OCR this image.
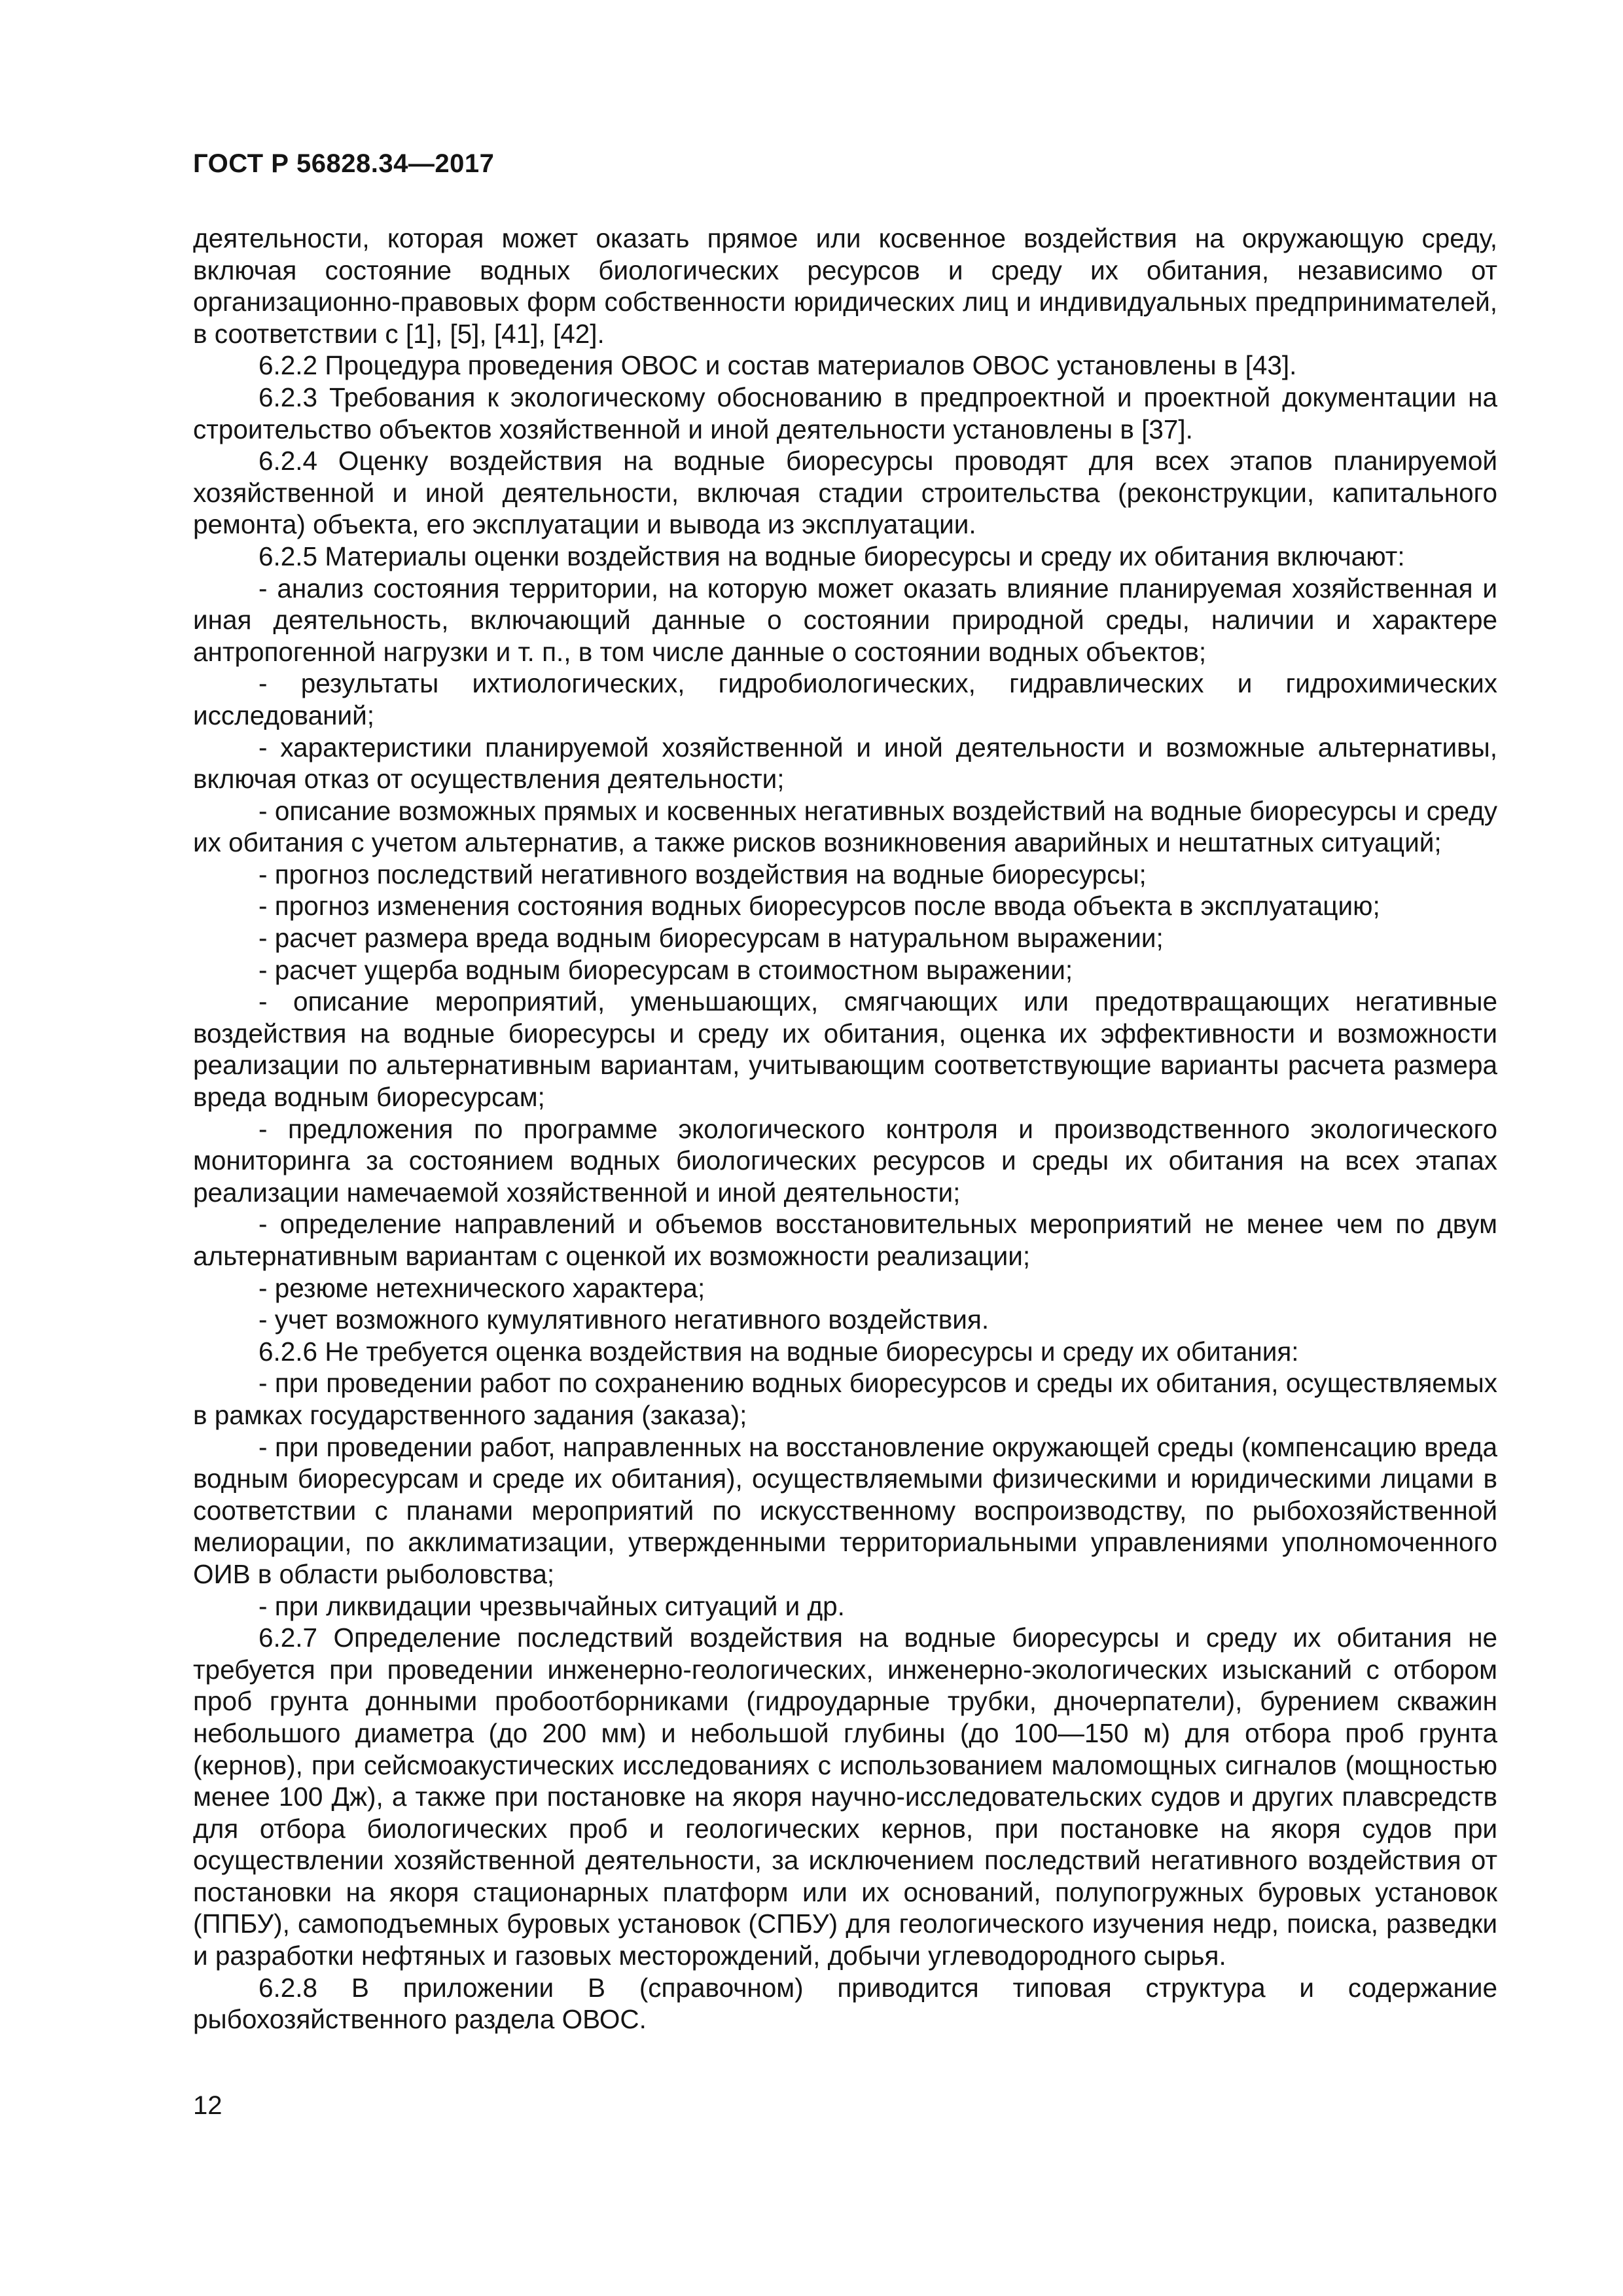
ГОСТ Р 56828.34—2017

деятельности, которая может оказать прямое или косвенное воздействия на окружающую среду, включая состояние водных биологических ресурсов и среду их обитания, независимо от организационно-правовых форм собственности юридических лиц и индивидуальных предпринимателей, в соответствии с [1], [5], [41], [42].

6.2.2 Процедура проведения ОВОС и состав материалов ОВОС установлены в [43].

6.2.3 Требования к экологическому обоснованию в предпроектной и проектной документации на строительство объектов хозяйственной и иной деятельности установлены в [37].

6.2.4 Оценку воздействия на водные биоресурсы проводят для всех этапов планируемой хозяйственной и иной деятельности, включая стадии строительства (реконструкции, капитального ремонта) объекта, его эксплуатации и вывода из эксплуатации.

6.2.5 Материалы оценки воздействия на водные биоресурсы и среду их обитания включают:

- анализ состояния территории, на которую может оказать влияние планируемая хозяйственная и иная деятельность, включающий данные о состоянии природной среды, наличии и характере антропогенной нагрузки и т. п., в том числе данные о состоянии водных объектов;

- результаты ихтиологических, гидробиологических, гидравлических и гидрохимических исследований;

- характеристики планируемой хозяйственной и иной деятельности и возможные альтернативы, включая отказ от осуществления деятельности;

- описание возможных прямых и косвенных негативных воздействий на водные биоресурсы и среду их обитания с учетом альтернатив, а также рисков возникновения аварийных и нештатных ситуаций;

- прогноз последствий негативного воздействия на водные биоресурсы;

- прогноз изменения состояния водных биоресурсов после ввода объекта в эксплуатацию;

- расчет размера вреда водным биоресурсам в натуральном выражении;

- расчет ущерба водным биоресурсам в стоимостном выражении;

- описание мероприятий, уменьшающих, смягчающих или предотвращающих негативные воздействия на водные биоресурсы и среду их обитания, оценка их эффективности и возможности реализации по альтернативным вариантам, учитывающим соответствующие варианты расчета размера вреда водным биоресурсам;

- предложения по программе экологического контроля и производственного экологического мониторинга за состоянием водных биологических ресурсов и среды их обитания на всех этапах реализации намечаемой хозяйственной и иной деятельности;

- определение направлений и объемов восстановительных мероприятий не менее чем по двум альтернативным вариантам с оценкой их возможности реализации;

- резюме нетехнического характера;

- учет возможного кумулятивного негативного воздействия.

6.2.6 Не требуется оценка воздействия на водные биоресурсы и среду их обитания:

- при проведении работ по сохранению водных биоресурсов и среды их обитания, осуществляемых в рамках государственного задания (заказа);

- при проведении работ, направленных на восстановление окружающей среды (компенсацию вреда водным биоресурсам и среде их обитания), осуществляемыми физическими и юридическими лицами в соответствии с планами мероприятий по искусственному воспроизводству, по рыбохозяйственной мелиорации, по акклиматизации, утвержденными территориальными управлениями уполномоченного ОИВ в области рыболовства;

- при ликвидации чрезвычайных ситуаций и др.

6.2.7 Определение последствий воздействия на водные биоресурсы и среду их обитания не требуется при проведении инженерно-геологических, инженерно-экологических изысканий с отбором проб грунта донными пробоотборниками (гидроударные трубки, дночерпатели), бурением скважин небольшого диаметра (до 200 мм) и небольшой глубины (до 100—150 м) для отбора проб грунта (кернов), при сейсмоакустических исследованиях с использованием маломощных сигналов (мощностью менее 100 Дж), а также при постановке на якоря научно-исследовательских судов и других плавсредств для отбора биологических проб и геологических кернов, при постановке на якоря судов при осуществлении хозяйственной деятельности, за исключением последствий негативного воздействия от постановки на якоря стационарных платформ или их оснований, полупогружных буровых установок (ППБУ), самоподъемных буровых установок (СПБУ) для геологического изучения недр, поиска, разведки и разработки нефтяных и газовых месторождений, добычи углеводородного сырья.

6.2.8 В приложении В (справочном) приводится типовая структура и содержание рыбохозяйственного раздела ОВОС.

12
